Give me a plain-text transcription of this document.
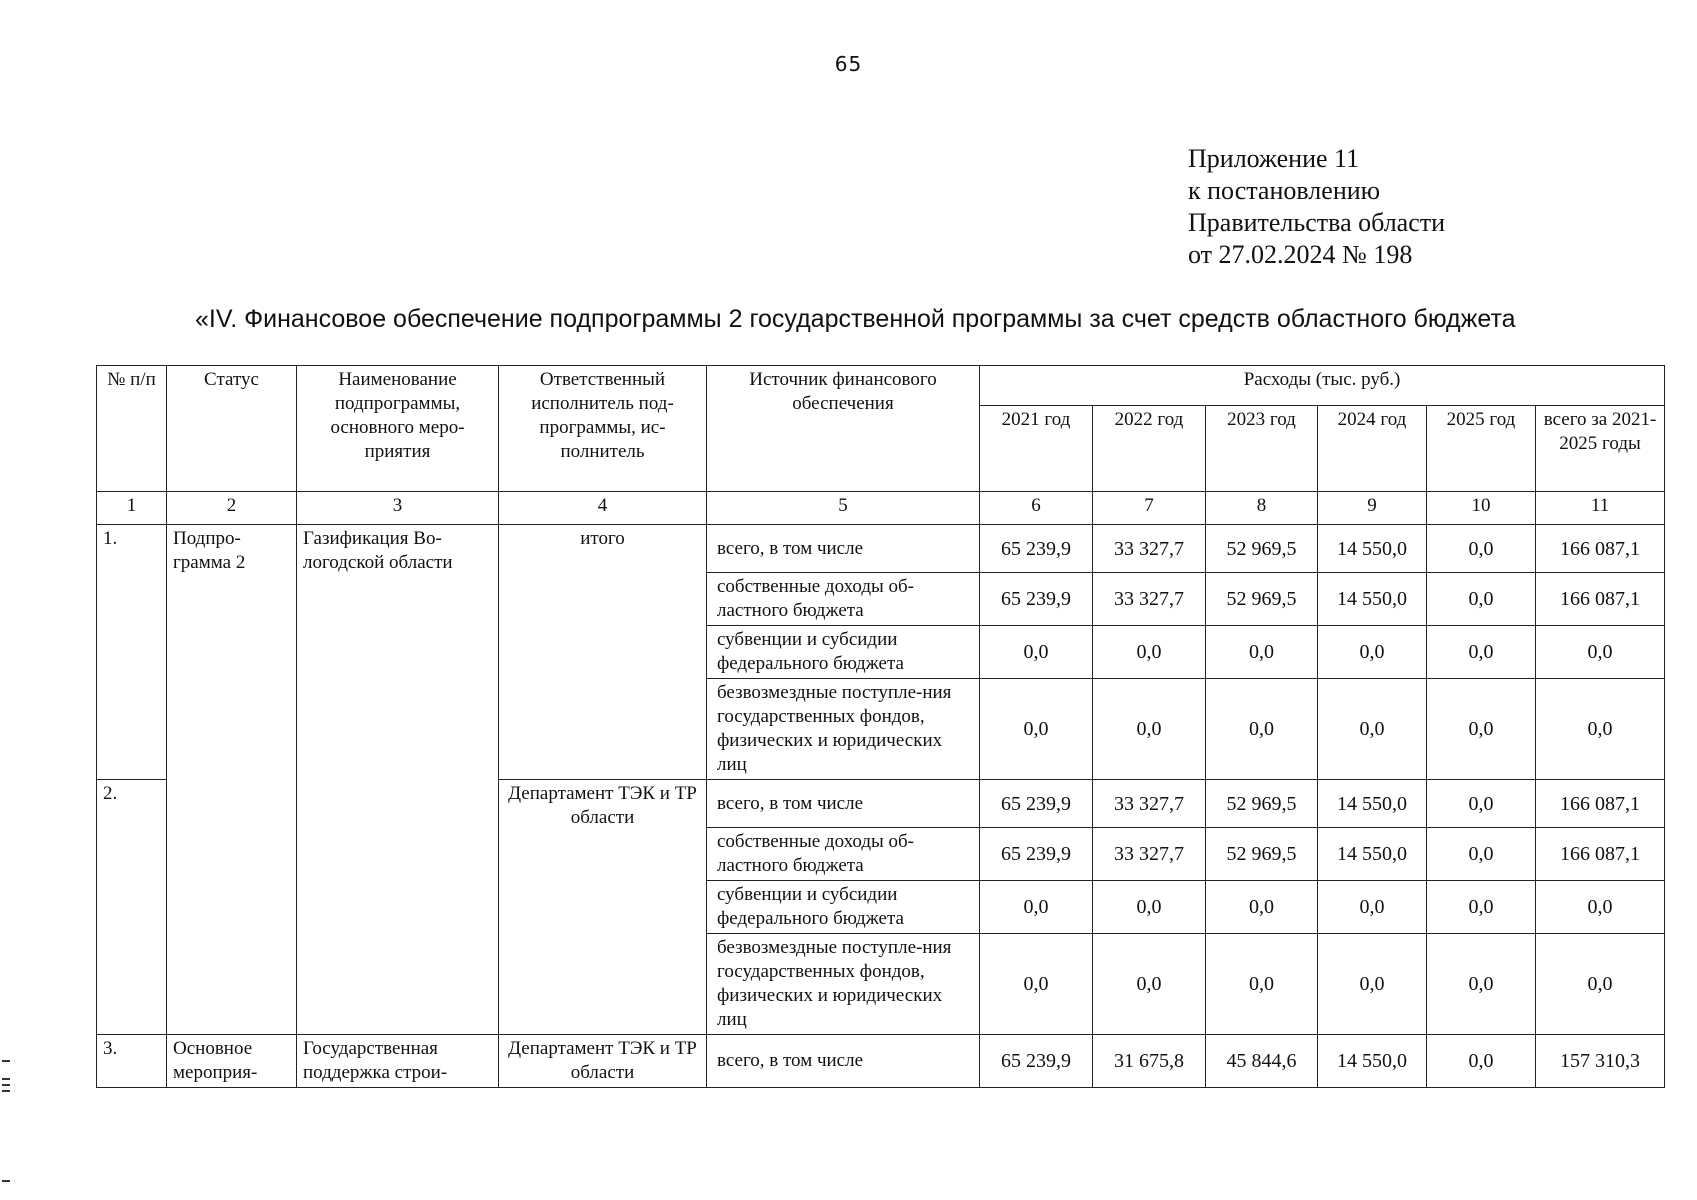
65
Приложение 11
к постановлению
Правительства области
от 27.02.2024 № 198
«IV. Финансовое обеспечение подпрограммы 2 государственной программы за счет средств областного бюджета
№ п/п	Статус	Наименование подпрограммы, основного меро-приятия	Ответственный исполнитель под-программы, ис-полнитель	Источник финансового обеспечения	Расходы (тыс. руб.)					
					2021 год	2022 год	2023 год	2024 год	2025 год	всего за 2021-2025 годы
1	2	3	4	5	6	7	8	9	10	11
1.	Подпро-грамма 2	Газификация Во-логодской области	итого	всего, в том числе	65 239,9	33 327,7	52 969,5	14 550,0	0,0	166 087,1
				собственные доходы об-ластного бюджета	65 239,9	33 327,7	52 969,5	14 550,0	0,0	166 087,1
				субвенции и субсидии федерального бюджета	0,0	0,0	0,0	0,0	0,0	0,0
				безвозмездные поступле-ния государственных фондов, физических и юридических лиц	0,0	0,0	0,0	0,0	0,0	0,0
2.			Департамент ТЭК и ТР области	всего, в том числе	65 239,9	33 327,7	52 969,5	14 550,0	0,0	166 087,1
				собственные доходы об-ластного бюджета	65 239,9	33 327,7	52 969,5	14 550,0	0,0	166 087,1
				субвенции и субсидии федерального бюджета	0,0	0,0	0,0	0,0	0,0	0,0
				безвозмездные поступле-ния государственных фондов, физических и юридических лиц	0,0	0,0	0,0	0,0	0,0	0,0
3.	Основное мероприя-	Государственная поддержка строи-	Департамент ТЭК и ТР области	всего, в том числе	65 239,9	31 675,8	45 844,6	14 550,0	0,0	157 310,3
